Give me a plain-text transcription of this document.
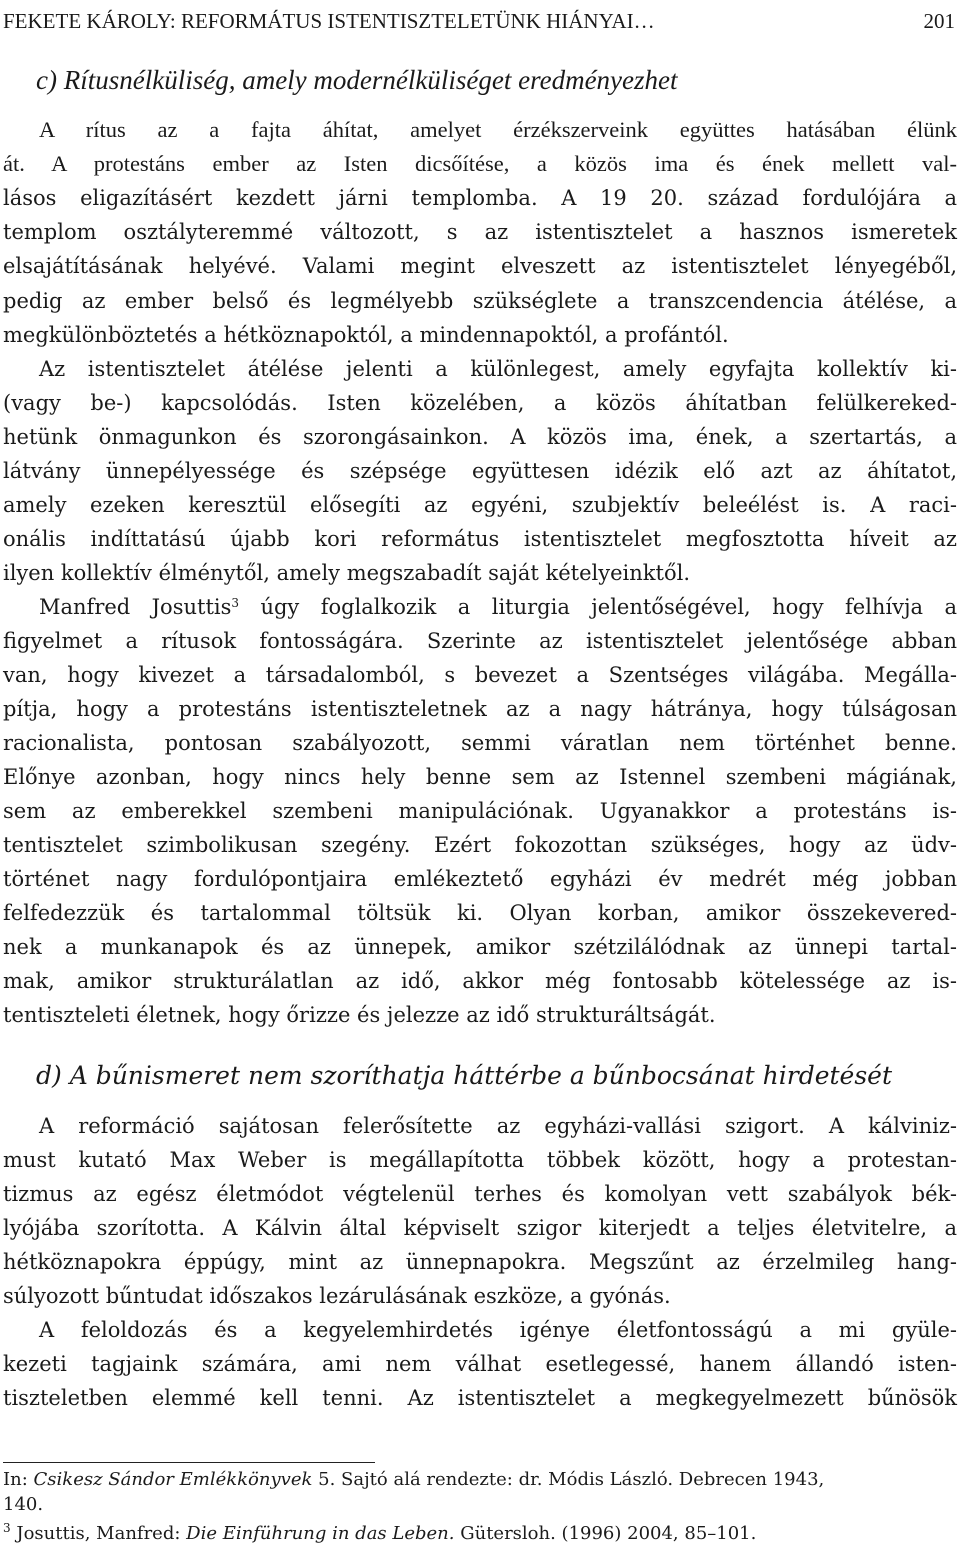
FEKETE KÁROLY: REFORMÁTUS ISTENTISZTELETÜNK HIÁNYAI…	201
c) Rítusnélküliség, amely modernélküliséget eredményezhet
A rítus az a fajta áhítat, amelyet érzékszerveink együttes hatásában élünk
át. A protestáns ember az Isten dicsőítése, a közös ima és ének mellett val-
lásos eligazításért kezdett járni templomba. A 19 20. század fordulójára a
templom osztályteremmé változott, s az istentisztelet a hasznos ismeretek
elsajátításának helyévé. Valami megint elveszett az istentisztelet lényegéből,
pedig az ember belső és legmélyebb szükséglete a transzcendencia átélése, a
megkülönböztetés a hétköznapoktól, a mindennapoktól, a profántól.
Az istentisztelet átélése jelenti a különlegest, amely egyfajta kollektív ki-
(vagy be-) kapcsolódás. Isten közelében, a közös áhítatban felülkereked-
hetünk önmagunkon és szorongásainkon. A közös ima, ének, a szertartás, a
látvány ünnepélyessége és szépsége együttesen idézik elő azt az áhítatot,
amely ezeken keresztül elősegíti az egyéni, szubjektív beleélést is. A raci-
onális indíttatású újabb kori református istentisztelet megfosztotta híveit az
ilyen kollektív élménytől, amely megszabadít saját kételyeinktől.
Manfred Josuttis$^3$ úgy foglalkozik a liturgia jelentőségével, hogy felhívja a
figyelmet a rítusok fontosságára. Szerinte az istentisztelet jelentősége abban
van, hogy kivezet a társadalomból, s bevezet a Szentséges világába. Megálla-
pítja, hogy a protestáns istentiszteletnek az a nagy hátránya, hogy túlságosan
racionalista, pontosan szabályozott, semmi váratlan nem történhet benne.
Előnye azonban, hogy nincs hely benne sem az Istennel szembeni mágiának,
sem az emberekkel szembeni manipulációnak. Ugyanakkor a protestáns is-
tentisztelet szimbolikusan szegény. Ezért fokozottan szükséges, hogy az üdv-
történet nagy fordulópontjaira emlékeztető egyházi év medrét még jobban
felfedezzük és tartalommal töltsük ki. Olyan korban, amikor összekevered-
nek a munkanapok és az ünnepek, amikor szétzilálódnak az ünnepi tartal-
mak, amikor strukturálatlan az idő, akkor még fontosabb kötelessége az is-
tentiszteleti életnek, hogy őrizze és jelezze az idő strukturáltságát.
d) A bűnismeret nem szoríthatja háttérbe a bűnbocsánat hirdetését
A reformáció sajátosan felerősítette az egyházi-vallási szigort. A kálviniz-
must kutató Max Weber is megállapította többek között, hogy a protestan-
tizmus az egész életmódot végtelenül terhes és komolyan vett szabályok bék-
lyójába szorította. A Kálvin által képviselt szigor kiterjedt a teljes életvitelre, a
hétköznapokra éppúgy, mint az ünnepnapokra. Megszűnt az érzelmileg hang-
súlyozott bűntudat időszakos lezárulásának eszköze, a gyónás.
A feloldozás és a kegyelemhirdetés igénye életfontosságú a mi gyüle-
kezeti tagjaink számára, ami nem válhat esetlegessé, hanem állandó isten-
tiszteletben elemmé kell tenni. Az istentisztelet a megkegyelmezett bűnösök
In: Csikesz Sándor Emlékkönyvek 5. Sajtó alá rendezte: dr. Módis László. Debrecen 1943,
140.
$^3$ Josuttis, Manfred: Die Einführung in das Leben. Gütersloh. (1996) 2004, 85–101.
